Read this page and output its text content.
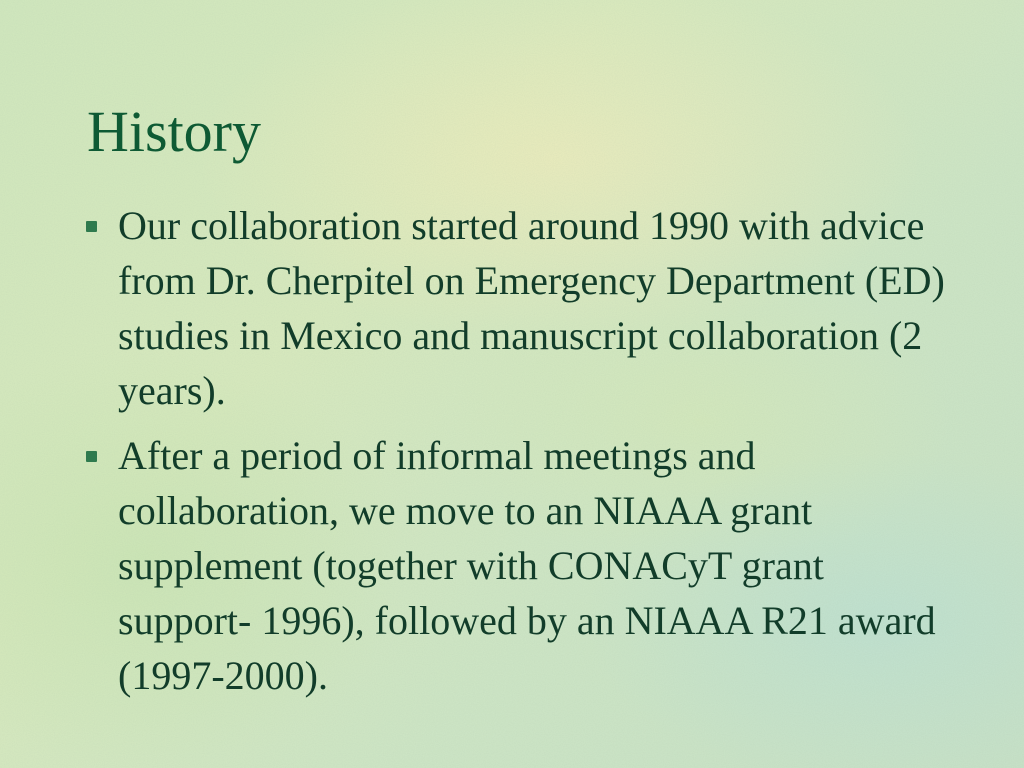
History
Our collaboration started around 1990 with advice from Dr. Cherpitel on Emergency Department (ED) studies in Mexico and manuscript collaboration (2 years).
After a period of informal meetings and collaboration, we move to an NIAAA grant supplement (together with CONACyT grant support- 1996), followed by an NIAAA R21 award (1997-2000).
